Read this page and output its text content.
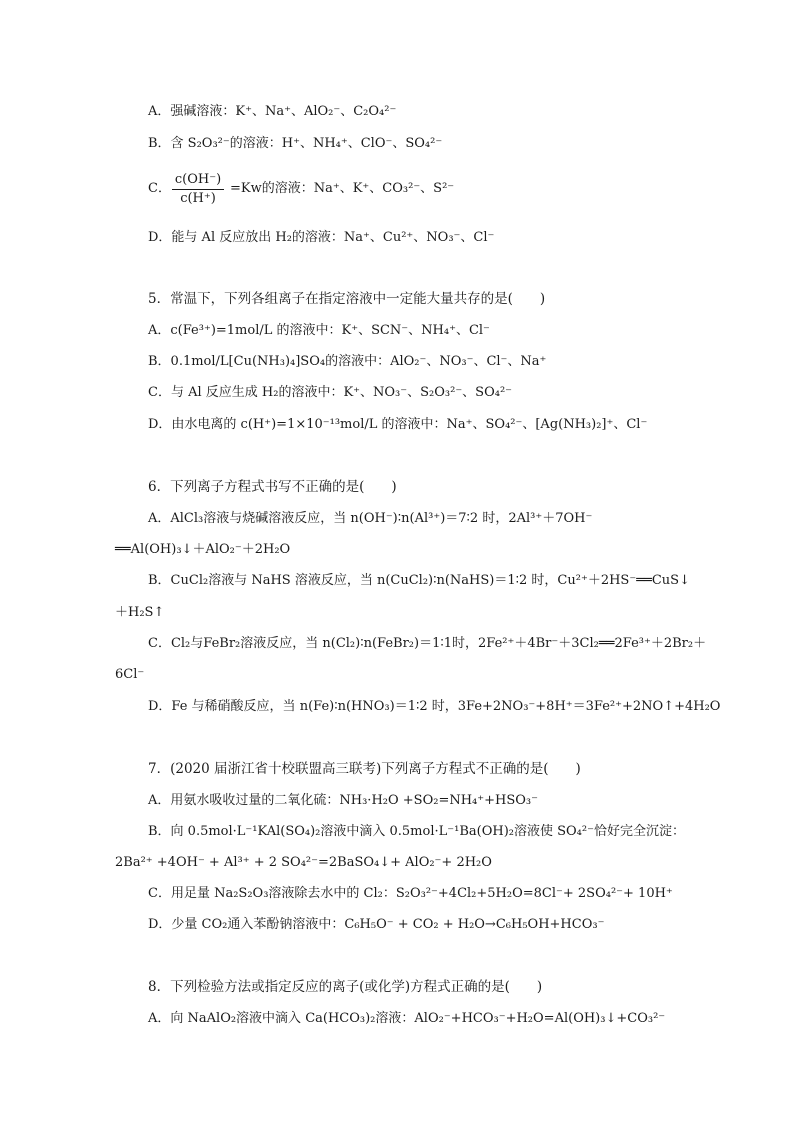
A．强碱溶液：K⁺、Na⁺、AlO₂⁻、C₂O₄²⁻
B．含 S₂O₃²⁻的溶液：H⁺、NH₄⁺、ClO⁻、SO₄²⁻
C． $\frac{c(OH^-)}{c(H^+)} =Kw$的溶液：Na⁺、K⁺、CO₃²⁻、S²⁻
D．能与 Al 反应放出 H₂的溶液：Na⁺、Cu²⁺、NO₃⁻、Cl⁻
5．常温下，下列各组离子在指定溶液中一定能大量共存的是(　　)
A．c(Fe³⁺)=1mol/L 的溶液中：K⁺、SCN⁻、NH₄⁺、Cl⁻
B．0.1mol/L[Cu(NH₃)₄]SO₄的溶液中：AlO₂⁻、NO₃⁻、Cl⁻、Na⁺
C．与 Al 反应生成 H₂的溶液中：K⁺、NO₃⁻、S₂O₃²⁻、SO₄²⁻
D．由水电离的 c(H⁺)=1×10⁻¹³mol/L 的溶液中：Na⁺、SO₄²⁻、[Ag(NH₃)₂]⁺、Cl⁻
6．下列离子方程式书写不正确的是(　　)
A．AlCl₃溶液与烧碱溶液反应，当 n(OH⁻)∶n(Al³⁺)＝7∶2 时，2Al³⁺＋7OH⁻
══Al(OH)₃↓＋AlO₂⁻＋2H₂O
B．CuCl₂溶液与 NaHS 溶液反应，当 n(CuCl₂)∶n(NaHS)＝1∶2 时，Cu²⁺＋2HS⁻══CuS↓
＋H₂S↑
C．Cl₂与FeBr₂溶液反应，当 n(Cl₂)∶n(FeBr₂)＝1∶1时，2Fe²⁺＋4Br⁻＋3Cl₂══2Fe³⁺＋2Br₂＋
6Cl⁻
D．Fe 与稀硝酸反应，当 n(Fe)∶n(HNO₃)＝1∶2 时，3Fe+2NO₃⁻+8H⁺＝3Fe²⁺+2NO↑+4H₂O
7．(2020 届浙江省十校联盟高三联考)下列离子方程式不正确的是(　　)
A．用氨水吸收过量的二氧化硫：NH₃·H₂O +SO₂=NH₄⁺+HSO₃⁻
B．向 0.5mol·L⁻¹KAl(SO₄)₂溶液中滴入 0.5mol·L⁻¹Ba(OH)₂溶液使 SO₄²⁻恰好完全沉淀：
2Ba²⁺ +4OH⁻ + Al³⁺ + 2 SO₄²⁻=2BaSO₄↓+ AlO₂⁻+ 2H₂O
C．用足量 Na₂S₂O₃溶液除去水中的 Cl₂：S₂O₃²⁻+4Cl₂+5H₂O=8Cl⁻+ 2SO₄²⁻+ 10H⁺
D．少量 CO₂通入苯酚钠溶液中：C₆H₅O⁻ + CO₂ + H₂O→C₆H₅OH+HCO₃⁻
8．下列检验方法或指定反应的离子(或化学)方程式正确的是(　　)
A．向 NaAlO₂溶液中滴入 Ca(HCO₃)₂溶液：AlO₂⁻+HCO₃⁻+H₂O=Al(OH)₃↓+CO₃²⁻
